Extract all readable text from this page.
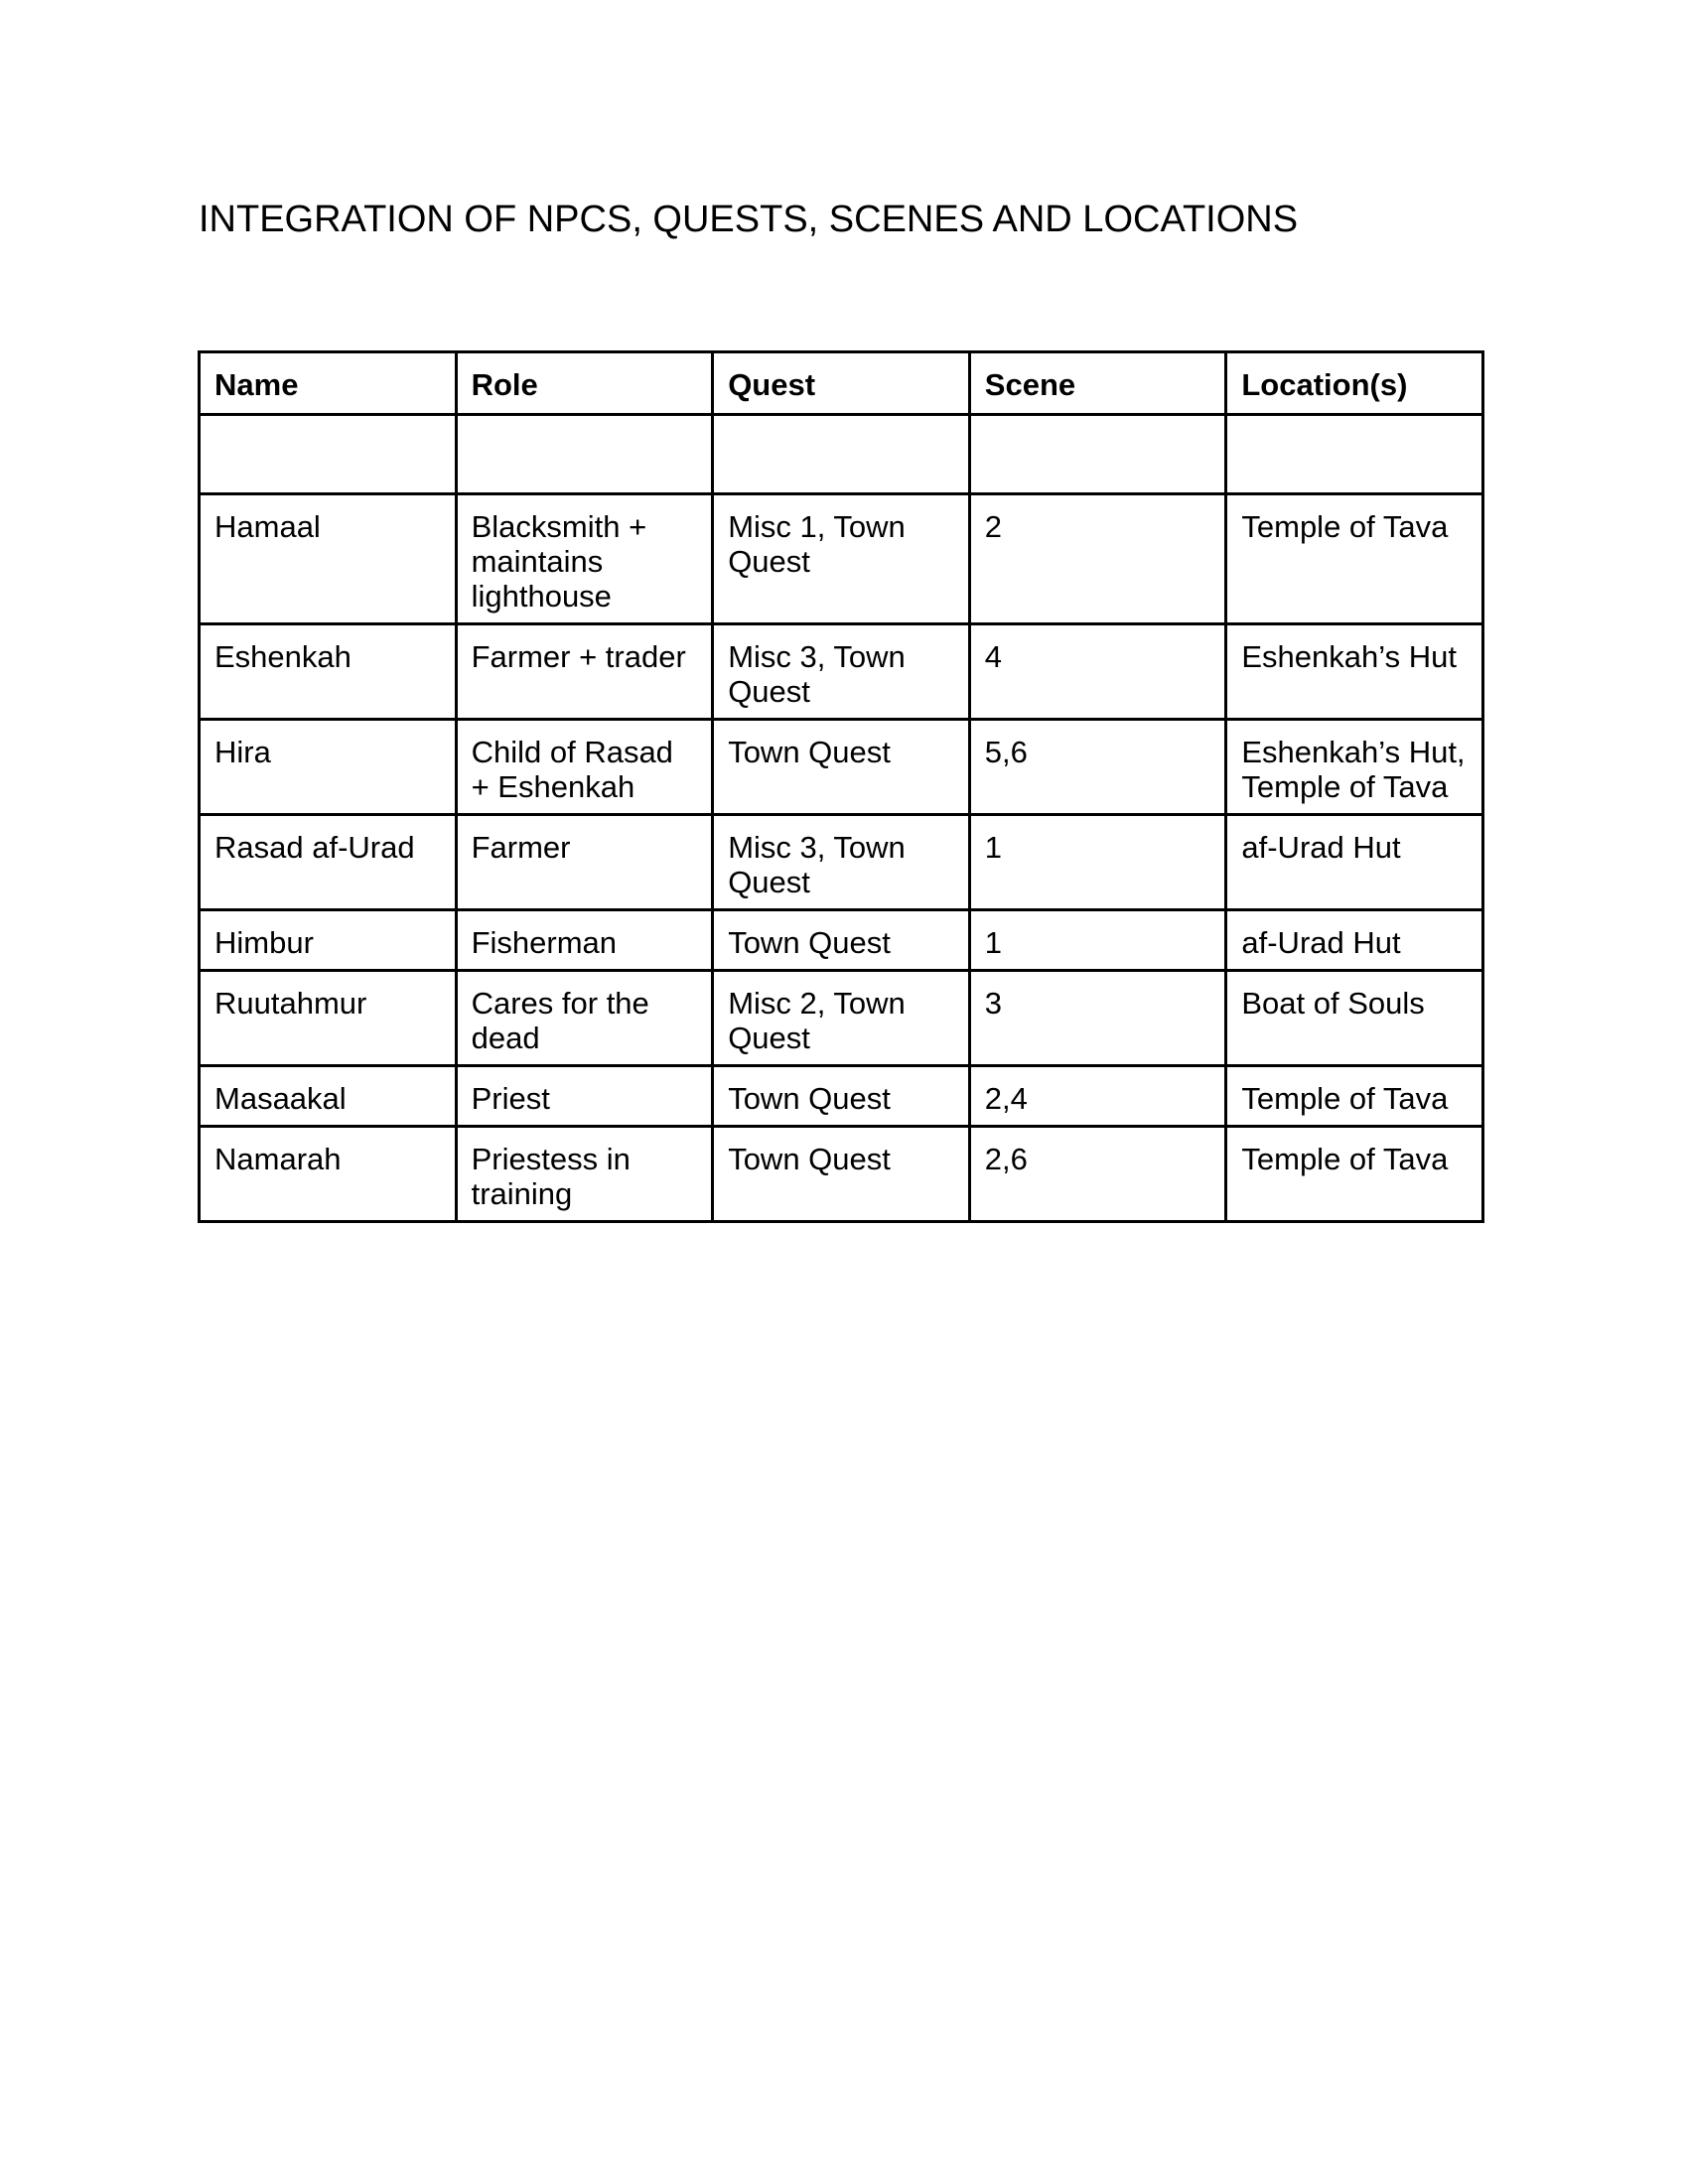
INTEGRATION OF NPCS, QUESTS, SCENES AND LOCATIONS
Name	Role	Quest	Scene	Location(s)

Hamaal	Blacksmith + maintains lighthouse	Misc 1, Town Quest	2	Temple of Tava
Eshenkah	Farmer + trader	Misc 3, Town Quest	4	Eshenkah’s Hut
Hira	Child of Rasad + Eshenkah	Town Quest	5,6	Eshenkah’s Hut, Temple of Tava
Rasad af-Urad	Farmer	Misc 3, Town Quest	1	af-Urad Hut
Himbur	Fisherman	Town Quest	1	af-Urad Hut
Ruutahmur	Cares for the dead	Misc 2, Town Quest	3	Boat of Souls
Masaakal	Priest	Town Quest	2,4	Temple of Tava
Namarah	Priestess in training	Town Quest	2,6	Temple of Tava
